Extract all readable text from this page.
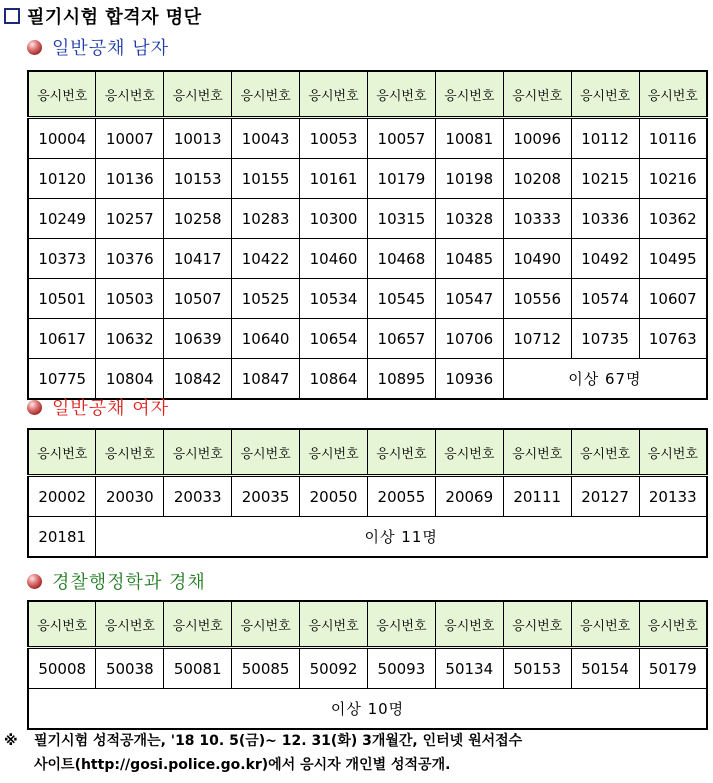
필기시험 합격자 명단
일반공채 남자
응시번호	응시번호	응시번호	응시번호	응시번호	응시번호	응시번호	응시번호	응시번호	응시번호
10004	10007	10013	10043	10053	10057	10081	10096	10112	10116
10120	10136	10153	10155	10161	10179	10198	10208	10215	10216
10249	10257	10258	10283	10300	10315	10328	10333	10336	10362
10373	10376	10417	10422	10460	10468	10485	10490	10492	10495
10501	10503	10507	10525	10534	10545	10547	10556	10574	10607
10617	10632	10639	10640	10654	10657	10706	10712	10735	10763
10775	10804	10842	10847	10864	10895	10936	이상 67명		
일반공채 여자
응시번호	응시번호	응시번호	응시번호	응시번호	응시번호	응시번호	응시번호	응시번호	응시번호
20002	20030	20033	20035	20050	20055	20069	20111	20127	20133
20181	이상 11명								
경찰행정학과 경채
응시번호	응시번호	응시번호	응시번호	응시번호	응시번호	응시번호	응시번호	응시번호	응시번호
50008	50038	50081	50085	50092	50093	50134	50153	50154	50179
이상 10명									
※ 필기시험 성적공개는, '18 10. 5(금)~ 12. 31(화) 3개월간, 인터넷 원서접수
사이트(http://gosi.police.go.kr)에서 응시자 개인별 성적공개.
